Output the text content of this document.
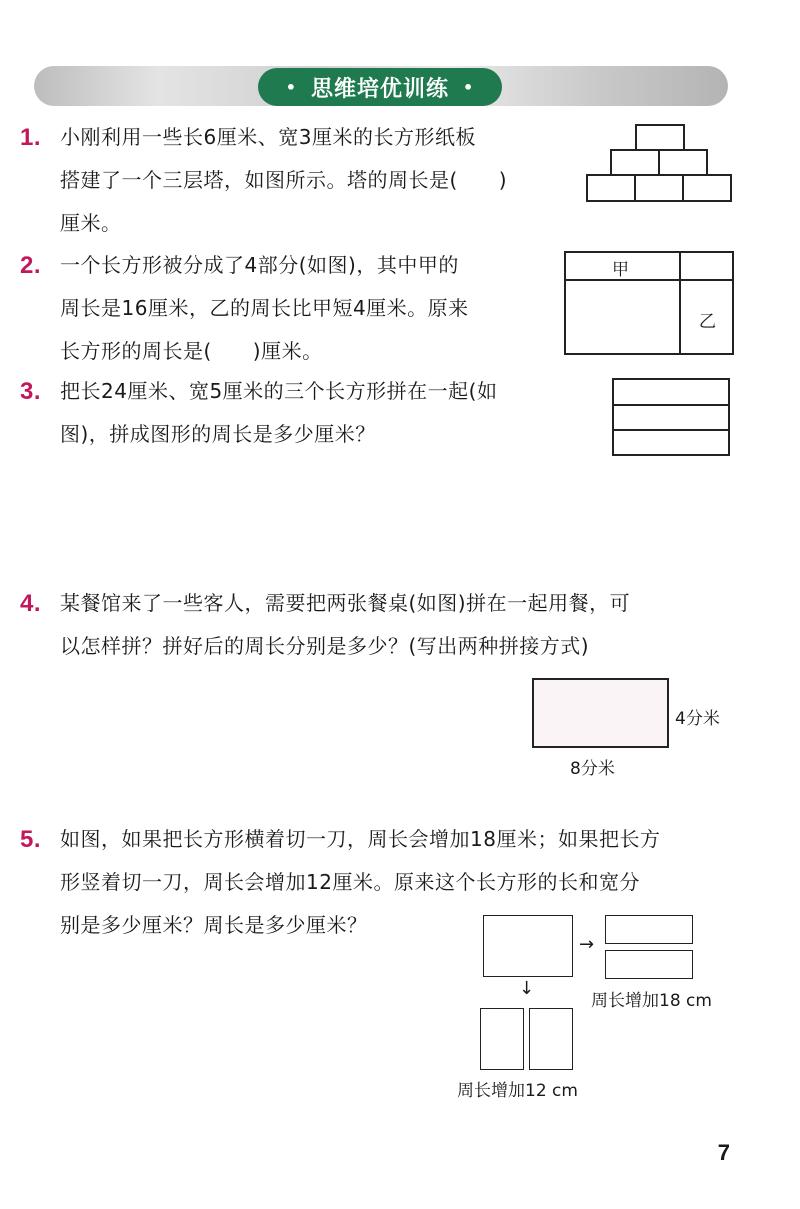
• 思维培优训练 •
1. 小刚利用一些长6厘米、宽3厘米的长方形纸板
搭建了一个三层塔，如图所示。塔的周长是(　　)
厘米。
2. 一个长方形被分成了4部分(如图)，其中甲的
周长是16厘米，乙的周长比甲短4厘米。原来
长方形的周长是(　　)厘米。
甲
乙
3. 把长24厘米、宽5厘米的三个长方形拼在一起(如
图)，拼成图形的周长是多少厘米？
4. 某餐馆来了一些客人，需要把两张餐桌(如图)拼在一起用餐，可
以怎样拼？拼好后的周长分别是多少？(写出两种拼接方式)
4分米
8分米
5. 如图，如果把长方形横着切一刀，周长会增加18厘米；如果把长方
形竖着切一刀，周长会增加12厘米。原来这个长方形的长和宽分
别是多少厘米？周长是多少厘米？
→
周长增加18 cm
↓
周长增加12 cm
7
